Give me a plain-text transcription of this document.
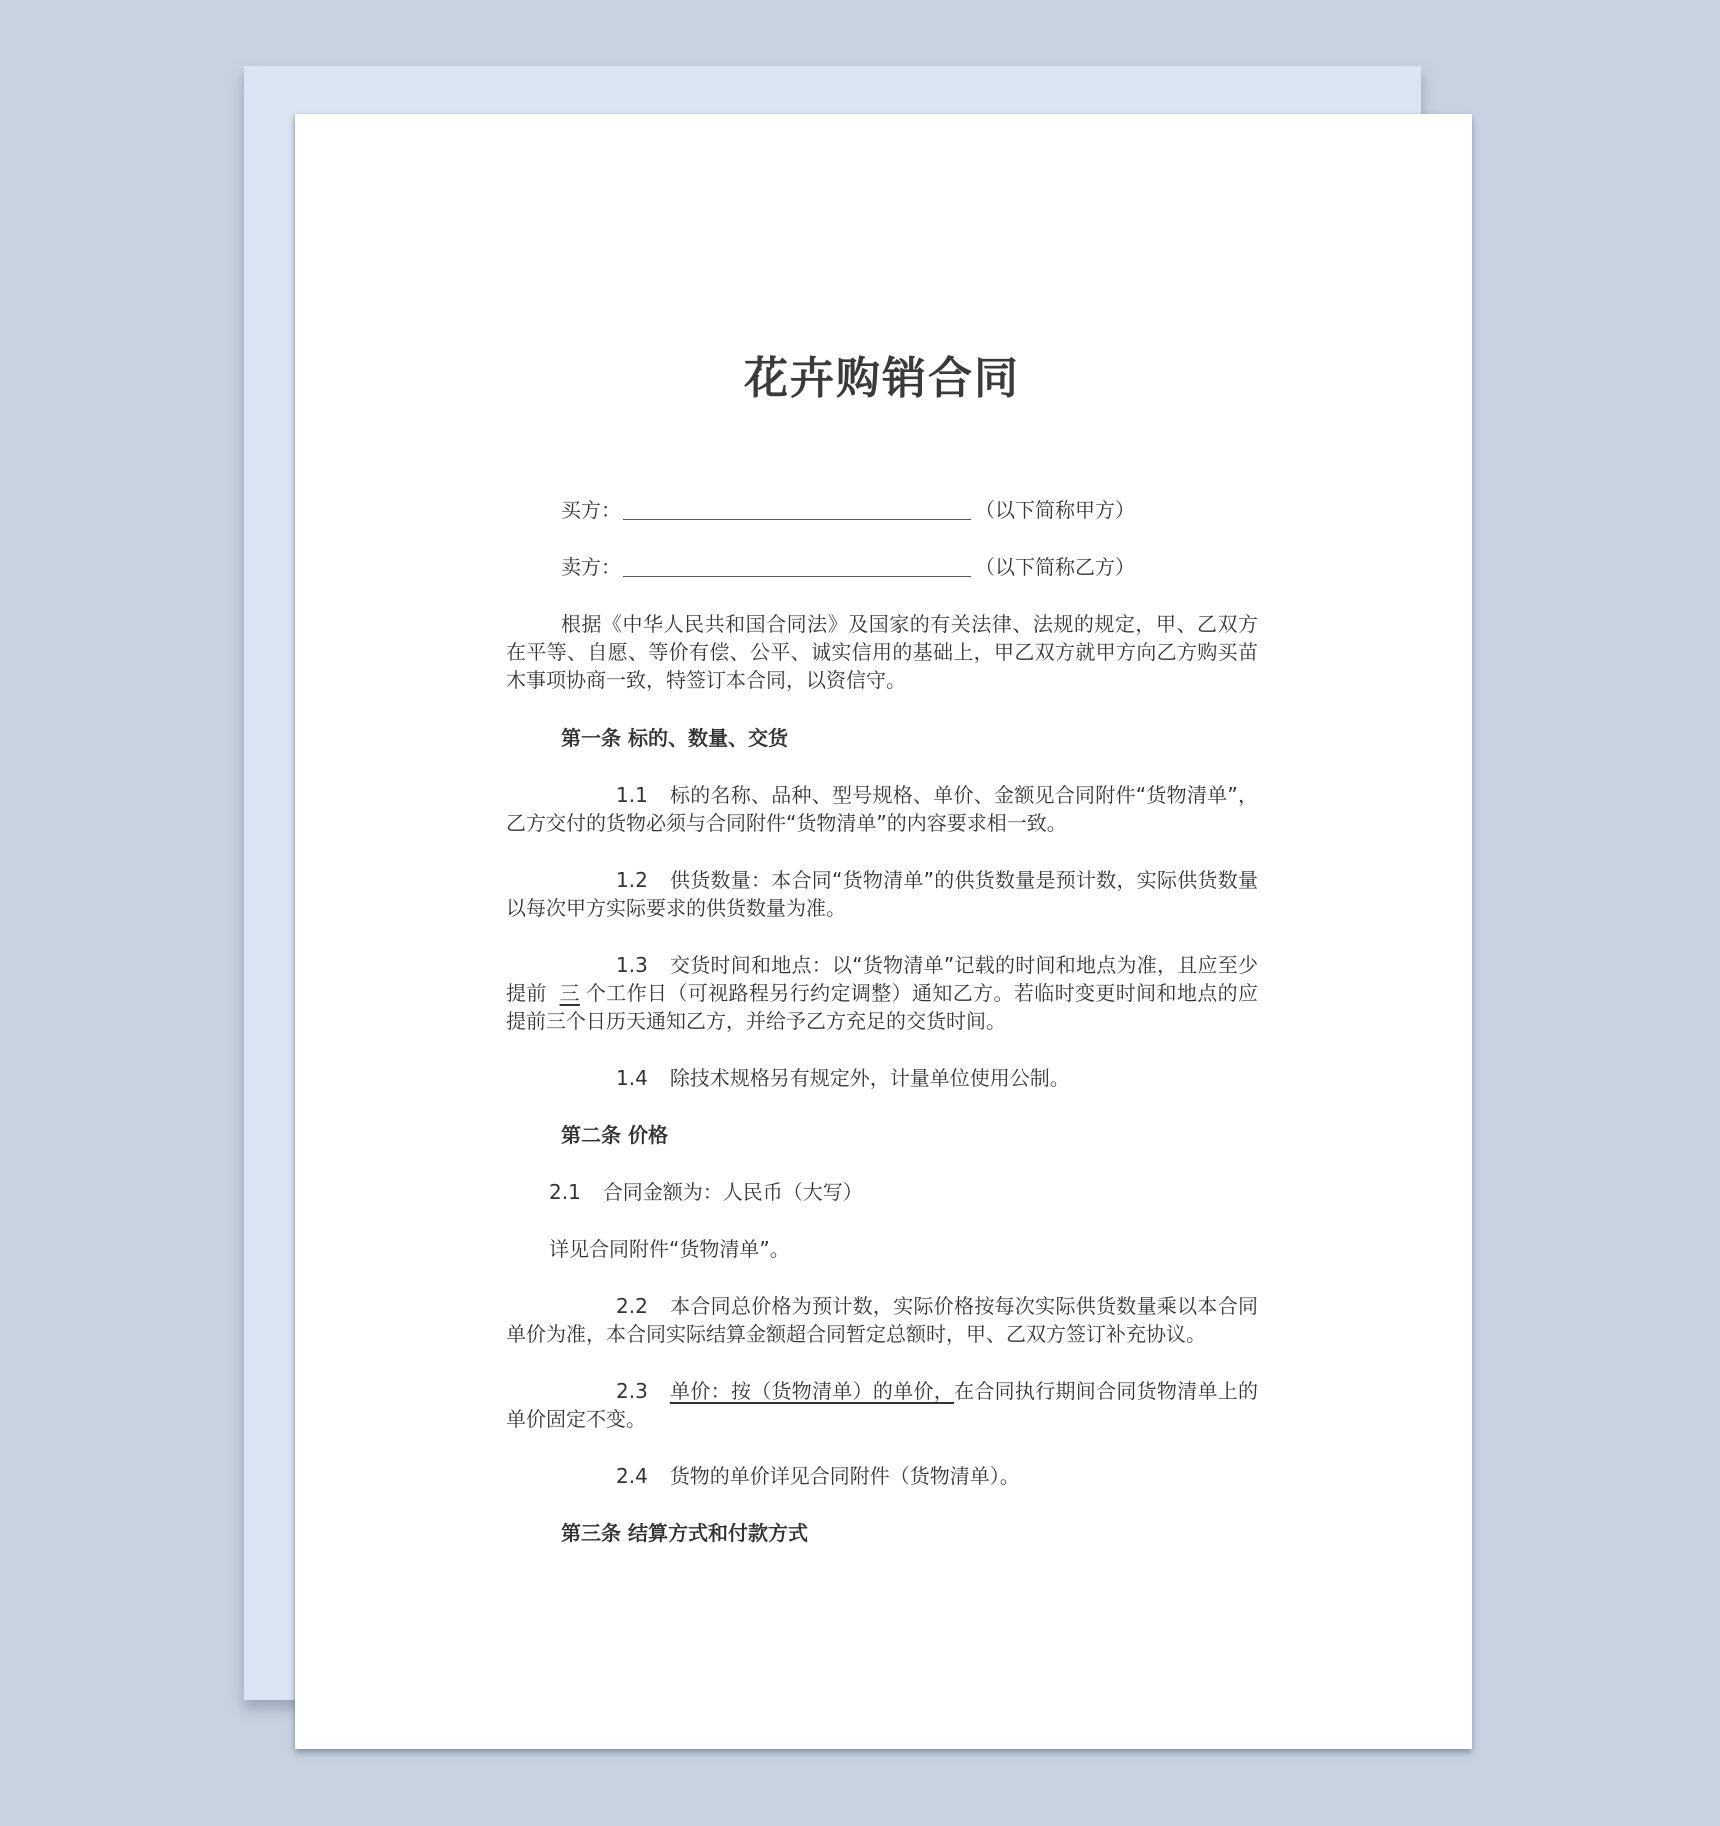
花卉购销合同
买方：	（以下简称甲方）
卖方：	（以下简称乙方）
根据《中华人民共和国合同法》及国家的有关法律、法规的规定，甲、乙双方在平等、自愿、等价有偿、公平、诚实信用的基础上，甲乙双方就甲方向乙方购买苗木事项协商一致，特签订本合同，以资信守。
第一条 标的、数量、交货
1.1 标的名称、品种、型号规格、单价、金额见合同附件“货物清单”，乙方交付的货物必须与合同附件“货物清单”的内容要求相一致。
1.2 供货数量：本合同“货物清单”的供货数量是预计数，实际供货数量以每次甲方实际要求的供货数量为准。
1.3 交货时间和地点：以“货物清单”记载的时间和地点为准，且应至少提前 三 个工作日（可视路程另行约定调整）通知乙方。若临时变更时间和地点的应提前三个日历天通知乙方，并给予乙方充足的交货时间。
1.4 除技术规格另有规定外，计量单位使用公制。
第二条 价格
2.1 合同金额为：人民币（大写）
详见合同附件“货物清单”。
2.2 本合同总价格为预计数，实际价格按每次实际供货数量乘以本合同单价为准，本合同实际结算金额超合同暂定总额时，甲、乙双方签订补充协议。
2.3 单价：按（货物清单）的单价，在合同执行期间合同货物清单上的单价固定不变。
2.4 货物的单价详见合同附件（货物清单）。
第三条 结算方式和付款方式
